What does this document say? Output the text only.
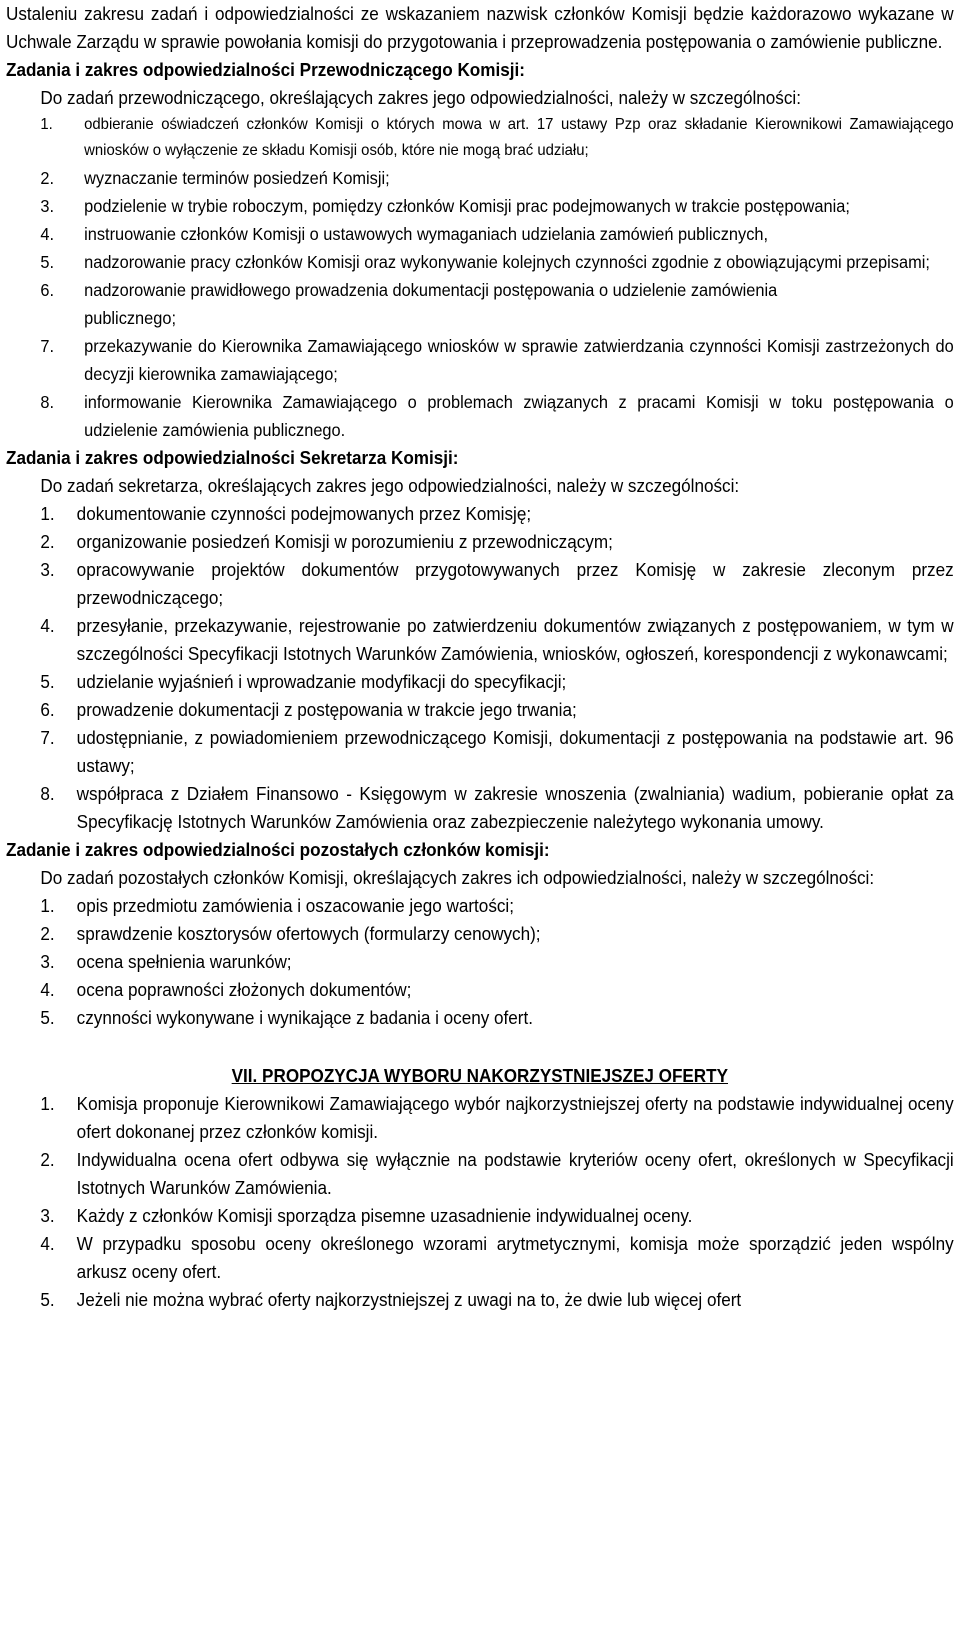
Ustaleniu zakresu zadań i odpowiedzialności ze wskazaniem nazwisk członków Komisji będzie każdorazowo wykazane w Uchwale Zarządu w sprawie powołania komisji do przygotowania i przeprowadzenia postępowania o zamówienie publiczne.

Zadania i zakres odpowiedzialności Przewodniczącego Komisji:

Do zadań przewodniczącego, określających zakres jego odpowiedzialności, należy w szczególności:

1.	odbieranie oświadczeń członków Komisji o których mowa w art. 17 ustawy Pzp oraz składanie Kierownikowi Zamawiającego wniosków o wyłączenie ze składu Komisji osób, które nie mogą brać udziału;
2.	wyznaczanie terminów posiedzeń Komisji;
3.	podzielenie w trybie roboczym, pomiędzy członków Komisji prac podejmowanych w trakcie postępowania;
4.	instruowanie członków Komisji o ustawowych wymaganiach udzielania zamówień publicznych,
5.	nadzorowanie pracy członków Komisji oraz wykonywanie kolejnych czynności zgodnie z obowiązującymi przepisami;
6.	nadzorowanie prawidłowego prowadzenia dokumentacji postępowania o udzielenie zamówienia
publicznego;
7.	przekazywanie do Kierownika Zamawiającego wniosków w sprawie zatwierdzania czynności Komisji zastrzeżonych do decyzji kierownika zamawiającego;
8.	informowanie Kierownika Zamawiającego o problemach związanych z pracami Komisji w toku postępowania o udzielenie zamówienia publicznego.

Zadania i zakres odpowiedzialności Sekretarza Komisji:

Do zadań sekretarza, określających zakres jego odpowiedzialności, należy w szczególności:

1.	dokumentowanie czynności podejmowanych przez Komisję;
2.	organizowanie posiedzeń Komisji w porozumieniu z przewodniczącym;
3.	opracowywanie projektów dokumentów przygotowywanych przez Komisję w zakresie zleconym przez przewodniczącego;
4.	przesyłanie, przekazywanie, rejestrowanie po zatwierdzeniu dokumentów związanych z postępowaniem, w tym w szczególności Specyfikacji Istotnych Warunków Zamówienia, wniosków, ogłoszeń, korespondencji z wykonawcami;
5.	udzielanie wyjaśnień i wprowadzanie modyfikacji do specyfikacji;
6.	prowadzenie dokumentacji z postępowania w trakcie jego trwania;
7.	udostępnianie, z powiadomieniem przewodniczącego Komisji, dokumentacji z postępowania na podstawie art. 96 ustawy;
8.	współpraca z Działem Finansowo - Księgowym w zakresie wnoszenia (zwalniania) wadium, pobieranie opłat za Specyfikację Istotnych Warunków Zamówienia oraz zabezpieczenie należytego wykonania umowy.

Zadanie i zakres odpowiedzialności pozostałych członków komisji:

Do zadań pozostałych członków Komisji, określających zakres ich odpowiedzialności, należy w szczególności:

1.	opis przedmiotu zamówienia i oszacowanie jego wartości;
2.	sprawdzenie kosztorysów ofertowych (formularzy cenowych);
3.	ocena spełnienia warunków;
4.	ocena poprawności złożonych dokumentów;
5.	czynności wykonywane i wynikające z badania i oceny ofert.

VII. PROPOZYCJA WYBORU NAKORZYSTNIEJSZEJ OFERTY

1.	Komisja proponuje Kierownikowi Zamawiającego wybór najkorzystniejszej oferty na podstawie indywidualnej oceny ofert dokonanej przez członków komisji.
2.	Indywidualna ocena ofert odbywa się wyłącznie na podstawie kryteriów oceny ofert, określonych w Specyfikacji Istotnych Warunków Zamówienia.
3.	Każdy z członków Komisji sporządza pisemne uzasadnienie indywidualnej oceny.
4.	W przypadku sposobu oceny określonego wzorami arytmetycznymi, komisja może sporządzić jeden wspólny arkusz oceny ofert.
5.	Jeżeli nie można wybrać oferty najkorzystniejszej z uwagi na to, że dwie lub więcej ofert
